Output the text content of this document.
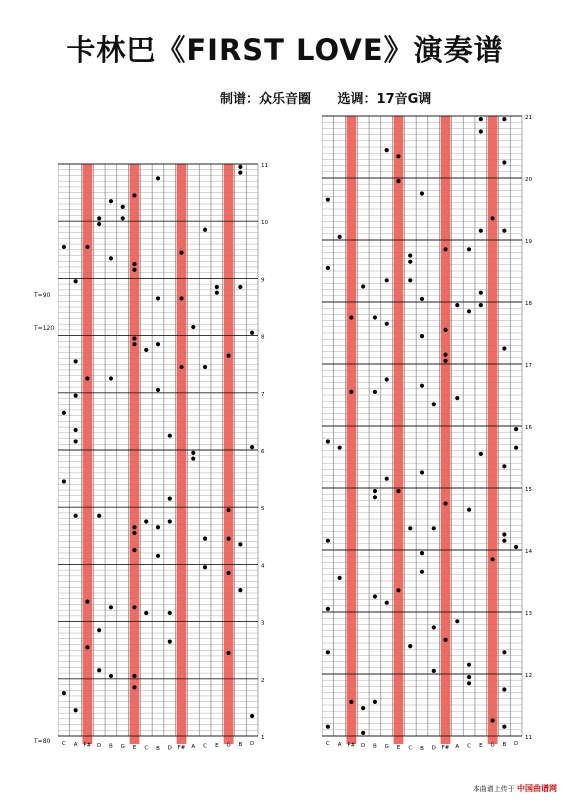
卡林巴《FIRST LOVE》演奏谱
制谱：众乐音圈 选调：17音G调
C A F# D B G E C B D F# A C E G B D
11
10
9
8
7
6
5
4
3
2
1
C A F# D B G E C B D F# A C E G B D
21
20
19
18
17
16
15
14
13
12
11
T=90
T=120
T=80
本曲谱上传于 中国曲谱网
